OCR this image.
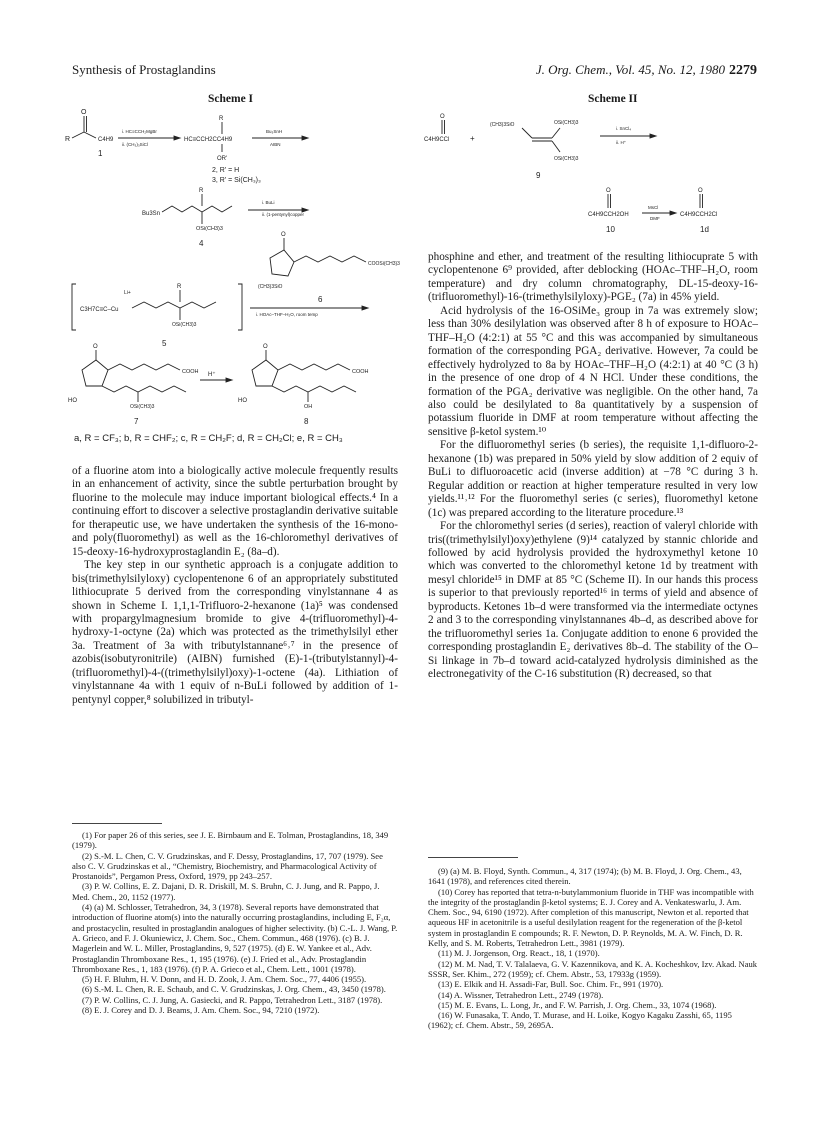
Synthesis of Prostaglandins	J. Org. Chem., Vol. 45, No. 12, 1980 2279
Scheme I
O
R	C4H9
i. HC≡CCH₂MgBr
ii. (CH₃)₃SiCl
1
HC≡CCH2CC4H9
R
OR'
Bu₃SnH
AIBN
2, R' = H
3, R' = Si(CH₃)₃
Bu3Sn
OSi(CH3)3
R
i. BuLi
ii. (1-pentynyl)copper
4
O
COOSi(CH3)3
(CH3)3SiO
6
C3H7C≡C–Cu
Li+
OSi(CH3)3
R
i. HOAc–THF–H₂O, room temp
5
O
COOH
OSi(CH3)3
HO
7
H⁺
O
COOH
OH
HO
8
a, R = CF₃; b, R = CHF₂; c, R = CH₂F; d, R = CH₂Cl; e, R = CH₃
Scheme II
C4H9CCl
O
+
(CH3)3SiO	OSi(CH3)3
OSi(CH3)3
9
i. SnCl₄
ii. H⁺
C4H9CCH2OH
O
10
MsCl
DMF
C4H9CCH2Cl
O
1d

of a fluorine atom into a biologically active molecule frequently results in an enhancement of activity, since the subtle perturbation brought by fluorine to the molecule may induce important biological effects.⁴ In a continuing effort to discover a selective prostaglandin derivative suitable for therapeutic use, we have undertaken the synthesis of the 16-mono- and poly(fluoromethyl) as well as the 16-chloromethyl derivatives of 15-deoxy-16-hydroxyprostaglandin E₂ (8a–d).

The key step in our synthetic approach is a conjugate addition to bis(trimethylsilyloxy) cyclopentenone 6 of an appropriately substituted lithiocuprate 5 derived from the corresponding vinylstannane 4 as shown in Scheme I. 1,1,1-Trifluoro-2-hexanone (1a)⁵ was condensed with propargylmagnesium bromide to give 4-(trifluoromethyl)-4-hydroxy-1-octyne (2a) which was protected as the trimethylsilyl ether 3a. Treatment of 3a with tributylstannane⁶˒⁷ in the presence of azobis(isobutyronitrile) (AIBN) furnished (E)-1-(tributylstannyl)-4-(trifluoromethyl)-4-((trimethylsilyl)oxy)-1-octene (4a). Lithiation of vinylstannane 4a with 1 equiv of n-BuLi followed by addition of 1-pentynyl copper,⁸ solubilized in tributyl-

phosphine and ether, and treatment of the resulting lithiocuprate 5 with cyclopentenone 6⁹ provided, after deblocking (HOAc–THF–H₂O, room temperature) and dry column chromatography, DL-15-deoxy-16-(trifluoromethyl)-16-(trimethylsilyloxy)-PGE₂ (7a) in 45% yield.

Acid hydrolysis of the 16-OSiMe₃ group in 7a was extremely slow; less than 30% desilylation was observed after 8 h of exposure to HOAc–THF–H₂O (4:2:1) at 55 °C and this was accompanied by simultaneous formation of the corresponding PGA₂ derivative. However, 7a could be effectively hydrolyzed to 8a by HOAc–THF–H₂O (4:2:1) at 40 °C (3 h) in the presence of one drop of 4 N HCl. Under these conditions, the formation of the PGA₂ derivative was negligible. On the other hand, 7a also could be desilylated to 8a quantitatively by a suspension of potassium fluoride in DMF at room temperature without affecting the sensitive β-ketol system.¹⁰

For the difluoromethyl series (b series), the requisite 1,1-difluoro-2-hexanone (1b) was prepared in 50% yield by slow addition of 2 equiv of BuLi to difluoroacetic acid (inverse addition) at −78 °C during 3 h. Regular addition or reaction at higher temperature resulted in very low yields.¹¹˒¹² For the fluoromethyl series (c series), fluoromethyl ketone (1c) was prepared according to the literature procedure.¹³

For the chloromethyl series (d series), reaction of valeryl chloride with tris((trimethylsilyl)oxy)ethylene (9)¹⁴ catalyzed by stannic chloride and followed by acid hydrolysis provided the hydroxymethyl ketone 10 which was converted to the chloromethyl ketone 1d by treatment with mesyl chloride¹⁵ in DMF at 85 °C (Scheme II). In our hands this process is superior to that previously reported¹⁶ in terms of yield and absence of byproducts. Ketones 1b–d were transformed via the intermediate octynes 2 and 3 to the corresponding vinylstannanes 4b–d, as described above for the trifluoromethyl series 1a. Conjugate addition to enone 6 provided the corresponding prostaglandin E₂ derivatives 8b–d. The stability of the O–Si linkage in 7b–d toward acid-catalyzed hydrolysis diminished as the electronegativity of the C-16 substitution (R) decreased, so that

(1) For paper 26 of this series, see J. E. Birnbaum and E. Tolman, Prostaglandins, 18, 349 (1979).

(2) S.-M. L. Chen, C. V. Grudzinskas, and F. Dessy, Prostaglandins, 17, 707 (1979). See also C. V. Grudzinskas et al., “Chemistry, Biochemistry, and Pharmacological Activity of Prostanoids”, Pergamon Press, Oxford, 1979, pp 243–257.

(3) P. W. Collins, E. Z. Dajani, D. R. Driskill, M. S. Bruhn, C. J. Jung, and R. Pappo, J. Med. Chem., 20, 1152 (1977).

(4) (a) M. Schlosser, Tetrahedron, 34, 3 (1978). Several reports have demonstrated that introduction of fluorine atom(s) into the naturally occurring prostaglandins, including E, F₂α, and prostacyclin, resulted in prostaglandin analogues of higher selectivity. (b) C.-L. J. Wang, P. A. Grieco, and F. J. Okuniewicz, J. Chem. Soc., Chem. Commun., 468 (1976). (c) B. J. Magerlein and W. L. Miller, Prostaglandins, 9, 527 (1975). (d) E. W. Yankee et al., Adv. Prostaglandin Thromboxane Res., 1, 195 (1976). (e) J. Fried et al., Adv. Prostaglandin Thromboxane Res., 1, 183 (1976). (f) P. A. Grieco et al., Chem. Lett., 1001 (1978).

(5) H. F. Bluhm, H. V. Donn, and H. D. Zook, J. Am. Chem. Soc., 77, 4406 (1955).

(6) S.-M. L. Chen, R. E. Schaub, and C. V. Grudzinskas, J. Org. Chem., 43, 3450 (1978).

(7) P. W. Collins, C. J. Jung, A. Gasiecki, and R. Pappo, Tetrahedron Lett., 3187 (1978).

(8) E. J. Corey and D. J. Beams, J. Am. Chem. Soc., 94, 7210 (1972).

(9) (a) M. B. Floyd, Synth. Commun., 4, 317 (1974); (b) M. B. Floyd, J. Org. Chem., 43, 1641 (1978), and references cited therein.

(10) Corey has reported that tetra-n-butylammonium fluoride in THF was incompatible with the integrity of the prostaglandin β-ketol systems; E. J. Corey and A. Venkateswarlu, J. Am. Chem. Soc., 94, 6190 (1972). After completion of this manuscript, Newton et al. reported that aqueous HF in acetonitrile is a useful desilylation reagent for the regeneration of the β-ketol system in prostaglandin E compounds; R. F. Newton, D. P. Reynolds, M. A. W. Finch, D. R. Kelly, and S. M. Roberts, Tetrahedron Lett., 3981 (1979).

(11) M. J. Jorgenson, Org. React., 18, 1 (1970).

(12) M. M. Nad, T. V. Talalaeva, G. V. Kazennikova, and K. A. Kocheshkov, Izv. Akad. Nauk SSSR, Ser. Khim., 272 (1959); cf. Chem. Abstr., 53, 17933g (1959).

(13) E. Elkik and H. Assadi-Far, Bull. Soc. Chim. Fr., 991 (1970).

(14) A. Wissner, Tetrahedron Lett., 2749 (1978).

(15) M. E. Evans, L. Long, Jr., and F. W. Parrish, J. Org. Chem., 33, 1074 (1968).

(16) W. Funasaka, T. Ando, T. Murase, and H. Loike, Kogyo Kagaku Zasshi, 65, 1195 (1962); cf. Chem. Abstr., 59, 2695A.
